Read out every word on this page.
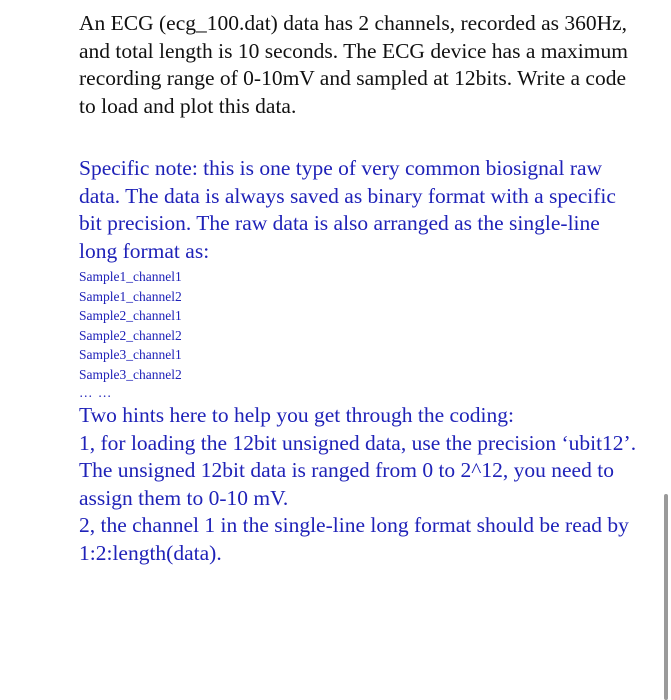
An ECG (ecg_100.dat) data has 2 channels, recorded as 360Hz, and total length is 10 seconds. The ECG device has a maximum recording range of 0-10mV and sampled at 12bits. Write a code to load and plot this data.

Specific note: this is one type of very common biosignal raw data. The data is always saved as binary format with a specific bit precision. The raw data is also arranged as the single-line long format as:

Sample1_channel1
Sample1_channel2
Sample2_channel1
Sample2_channel2
Sample3_channel1
Sample3_channel2

… …

Two hints here to help you get through the coding:

1, for loading the 12bit unsigned data, use the precision ‘ubit12’. The unsigned 12bit data is ranged from 0 to 2^12, you need to assign them to 0-10 mV.

2, the channel 1 in the single-line long format should be read by 1:2:length(data).
